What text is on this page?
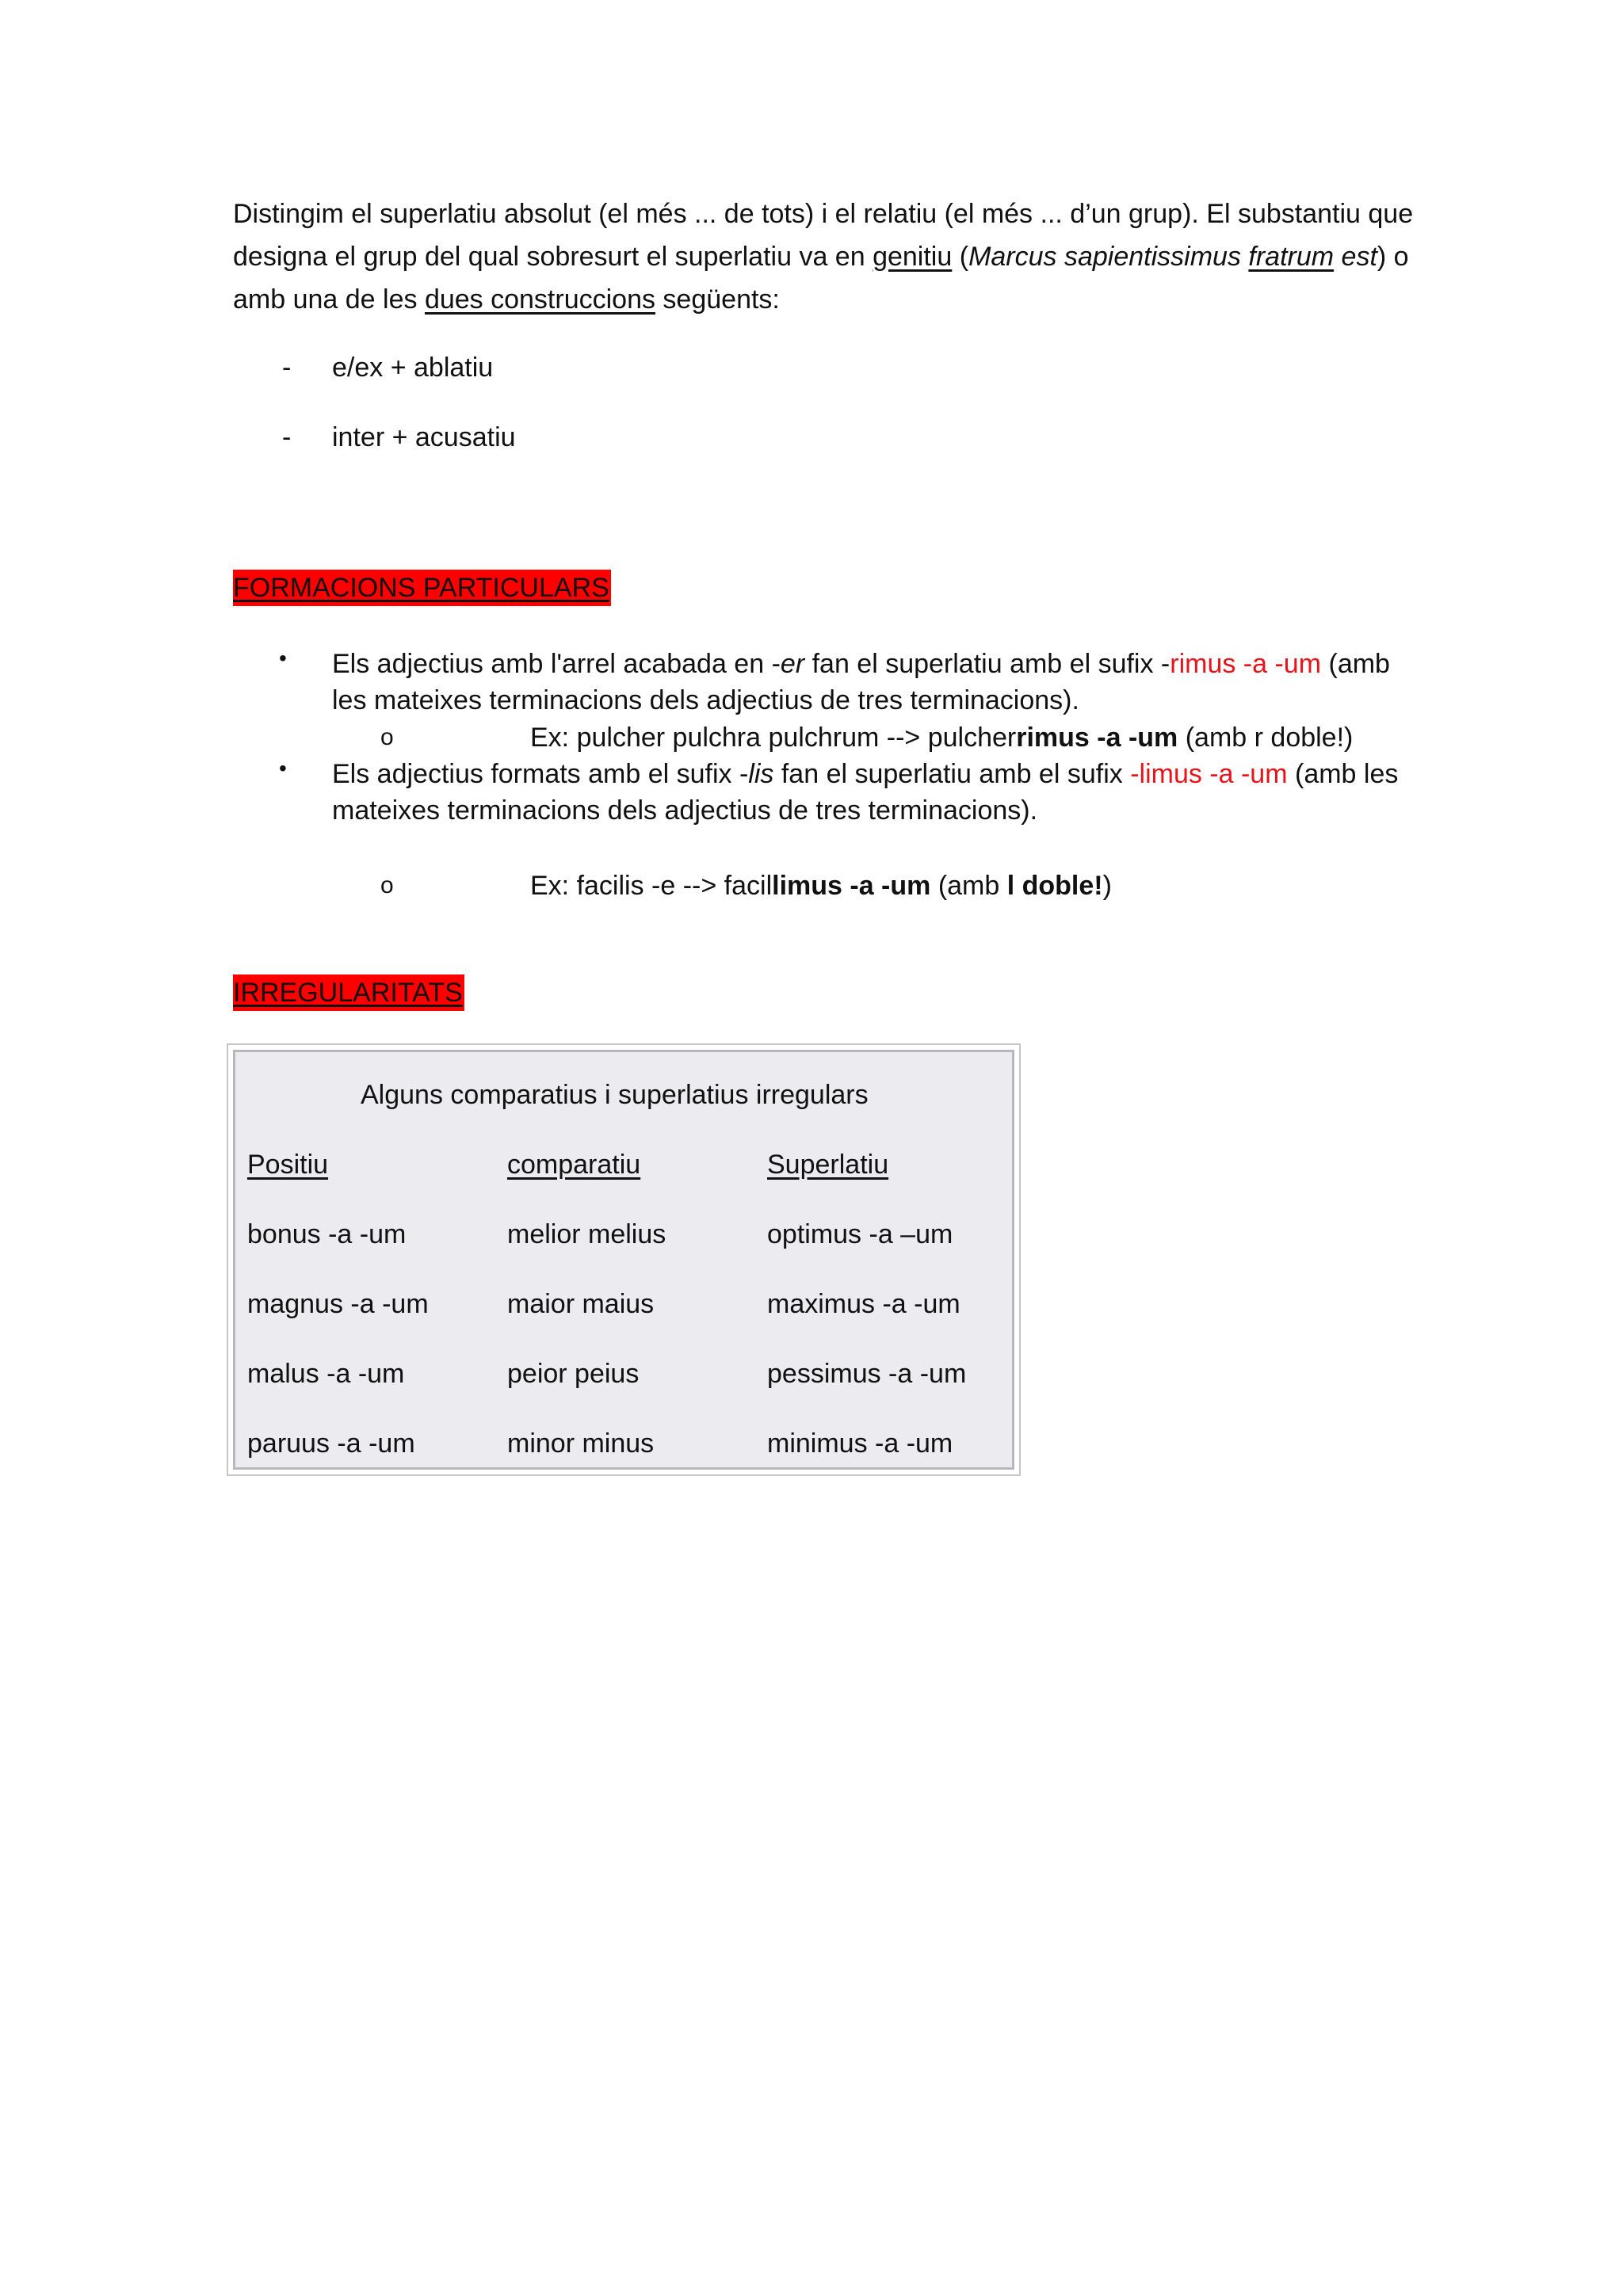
Distingim el superlatiu absolut (el més ... de tots) i el relatiu (el més ... d’un grup). El substantiu que designa el grup del qual sobresurt el superlatiu va en genitiu (Marcus sapientissimus fratrum est) o amb una de les dues construccions següents:
- e/ex + ablatiu
- inter + acusatiu
FORMACIONS PARTICULARS
• Els adjectius amb l'arrel acabada en -er fan el superlatiu amb el sufix -rimus -a -um (amb les mateixes terminacions dels adjectius de tres terminacions).
o	Ex: pulcher pulchra pulchrum --> pulcherrimus -a -um (amb r doble!)
• Els adjectius formats amb el sufix -lis fan el superlatiu amb el sufix -limus -a -um (amb les mateixes terminacions dels adjectius de tres terminacions).
o	Ex: facilis -e --> facillimus -a -um (amb l doble!)
IRREGULARITATS
Alguns comparatius i superlatius irregulars
Positiu	comparatiu	Superlatiu
bonus -a -um	melior melius	optimus -a –um
magnus -a -um	maior maius	maximus -a -um
malus -a -um	peior peius	pessimus -a -um
paruus -a -um	minor minus	minimus -a -um
